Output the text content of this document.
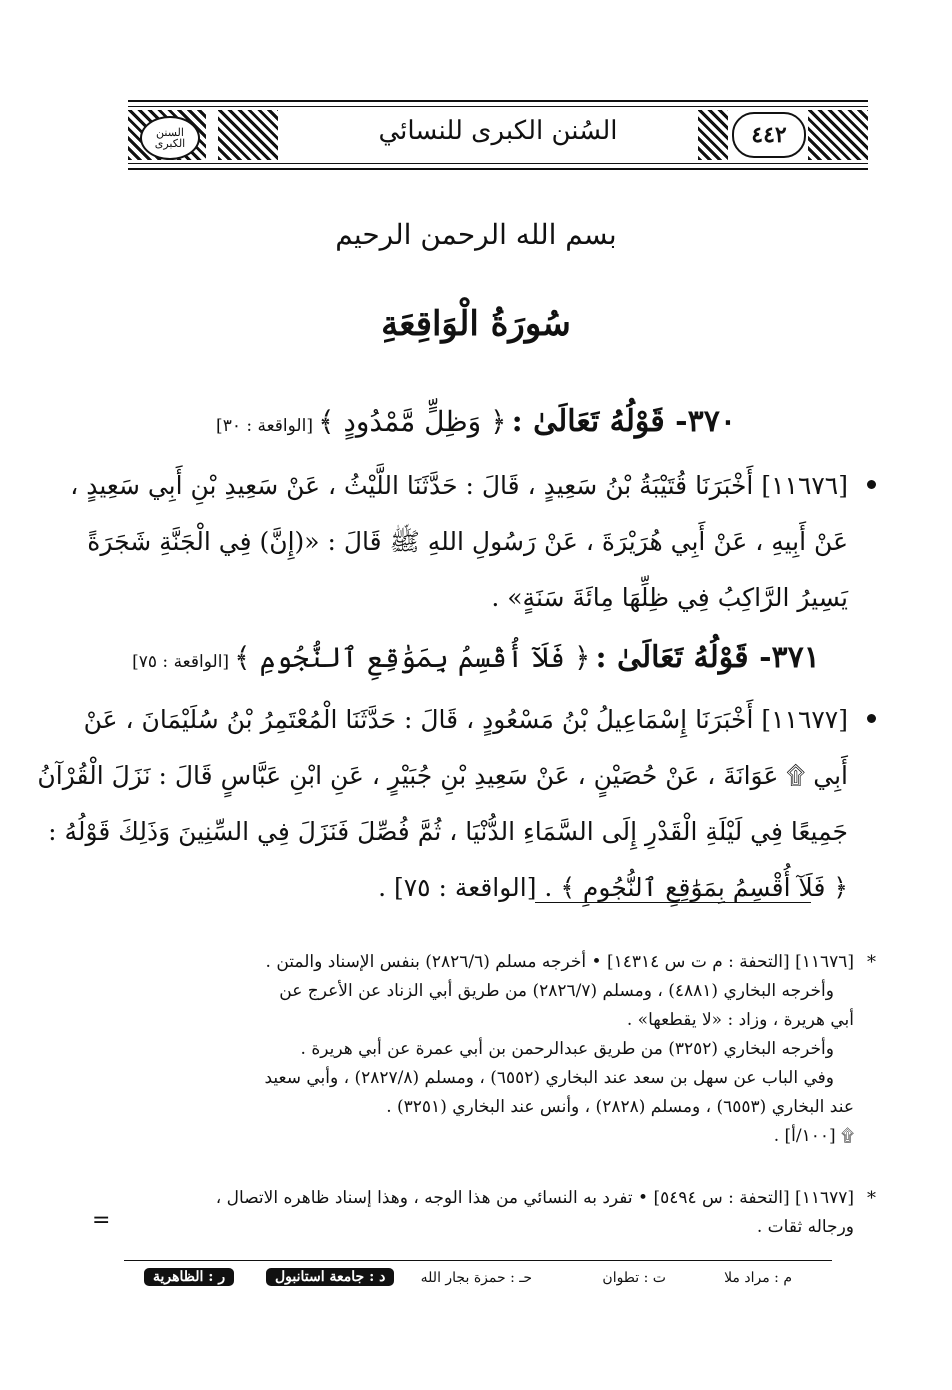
السنن الكبرى	السُنن الكبرى للنسائي	٤٤٢
بسم الله الرحمن الرحيم
سُورَةُ الْوَاقِعَةِ
٣٧٠- قَوْلُهُ تَعَالَىٰ : ﴿ وَظِلٍّ مَّمْدُودٍ ﴾ [الواقعة : ٣٠]
[١١٦٧٦] أَخْبَرَنَا قُتَيْبَةُ بْنُ سَعِيدٍ ، قَالَ : حَدَّثَنَا اللَّيْثُ ، عَنْ سَعِيدِ بْنِ أَبِي سَعِيدٍ ،
عَنْ أَبِيهِ ، عَنْ أَبِي هُرَيْرَةَ ، عَنْ رَسُولِ اللهِ ﷺ قَالَ : «(إِنَّ) فِي الْجَنَّةِ شَجَرَةً
يَسِيرُ الرَّاكِبُ فِي ظِلِّهَا مِائَةَ سَنَةٍ» .
٣٧١- قَوْلُهُ تَعَالَىٰ : ﴿ فَلَآ أُقْسِمُ بِمَوَٰقِعِ ٱلنُّجُومِ ﴾ [الواقعة : ٧٥]
[١١٦٧٧] أَخْبَرَنَا إِسْمَاعِيلُ بْنُ مَسْعُودٍ ، قَالَ : حَدَّثَنَا الْمُعْتَمِرُ بْنُ سُلَيْمَانَ ، عَنْ
أَبِي ۩ عَوَانَةَ ، عَنْ حُصَيْنٍ ، عَنْ سَعِيدِ بْنِ جُبَيْرٍ ، عَنِ ابْنِ عَبَّاسٍ قَالَ : نَزَلَ الْقُرْآنُ
جَمِيعًا فِي لَيْلَةِ الْقَدْرِ إِلَى السَّمَاءِ الدُّنْيَا ، ثُمَّ فُصِّلَ فَنَزَلَ فِي السِّنِينَ وَذَلِكَ قَوْلُهُ :
﴿ فَلَآ أُقْسِمُ بِمَوَٰقِعِ ٱلنُّجُومِ ﴾ . [الواقعة : ٧٥] .
*
[١١٦٧٦] [التحفة : م ت س ١٤٣١٤] • أخرجه مسلم (٢٨٢٦/٦) بنفس الإسناد والمتن .
وأخرجه البخاري (٤٨٨١) ، ومسلم (٢٨٢٦/٧) من طريق أبي الزناد عن الأعرج عن
أبي هريرة ، وزاد : «لا يقطعها» .
وأخرجه البخاري (٣٢٥٢) من طريق عبدالرحمن بن أبي عمرة عن أبي هريرة .
وفي الباب عن سهل بن سعد عند البخاري (٦٥٥٢) ، ومسلم (٢٨٢٧/٨) ، وأبي سعيد
عند البخاري (٦٥٥٣) ، ومسلم (٢٨٢٨) ، وأنس عند البخاري (٣٢٥١) .
۩ [١٠٠/أ] .
*
[١١٦٧٧] [التحفة : س ٥٤٩٤] • تفرد به النسائي من هذا الوجه ، وهذا إسناد ظاهره الاتصال ،
ورجاله ثقات .
=
م : مراد ملا
ت : تطوان
حـ : حمزة بجار الله
د : جامعة استانبول
ر : الظاهرية
